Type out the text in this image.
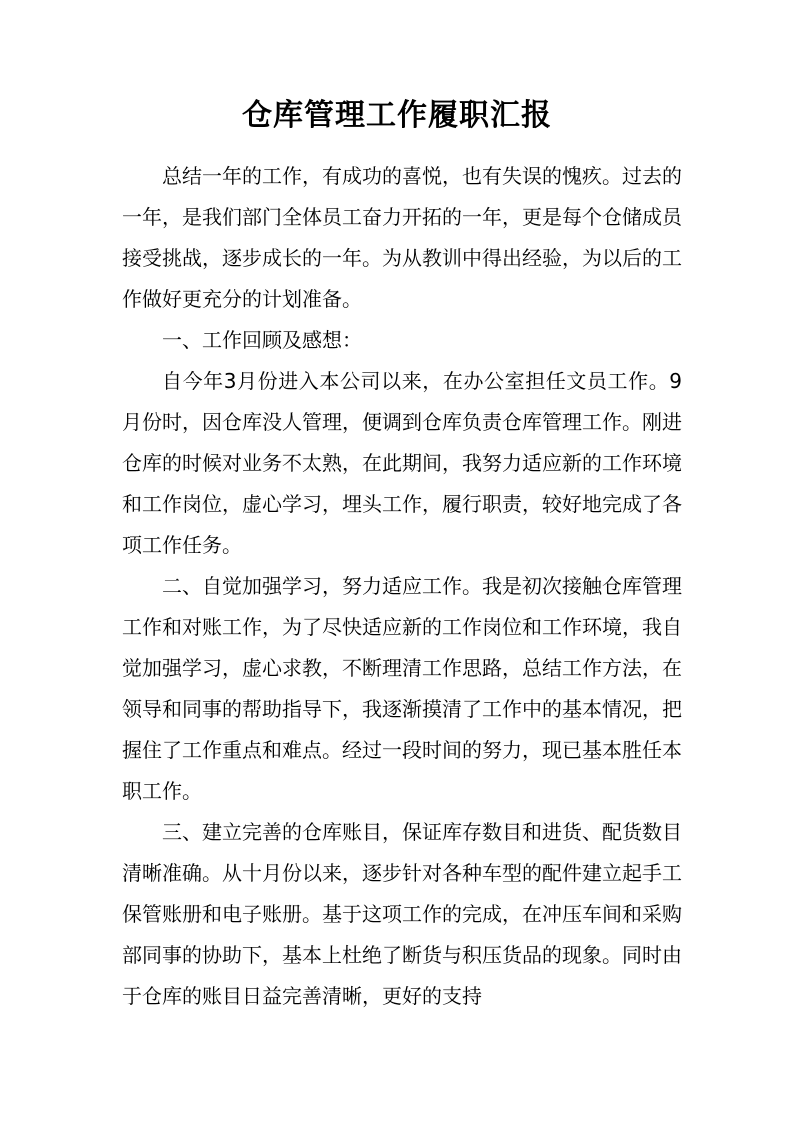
仓库管理工作履职汇报

总结一年的工作，有成功的喜悦，也有失误的愧疚。过去的一年，是我们部门全体员工奋力开拓的一年，更是每个仓储成员接受挑战，逐步成长的一年。为从教训中得出经验，为以后的工作做好更充分的计划准备。

一、工作回顾及感想：

自今年3月份进入本公司以来，在办公室担任文员工作。9月份时，因仓库没人管理，便调到仓库负责仓库管理工作。刚进仓库的时候对业务不太熟，在此期间，我努力适应新的工作环境和工作岗位，虚心学习，埋头工作，履行职责，较好地完成了各项工作任务。

二、自觉加强学习，努力适应工作。我是初次接触仓库管理工作和对账工作，为了尽快适应新的工作岗位和工作环境，我自觉加强学习，虚心求教，不断理清工作思路，总结工作方法，在领导和同事的帮助指导下，我逐渐摸清了工作中的基本情况，把握住了工作重点和难点。经过一段时间的努力，现已基本胜任本职工作。

三、建立完善的仓库账目，保证库存数目和进货、配货数目清晰准确。从十月份以来，逐步针对各种车型的配件建立起手工保管账册和电子账册。基于这项工作的完成，在冲压车间和采购部同事的协助下，基本上杜绝了断货与积压货品的现象。同时由于仓库的账目日益完善清晰，更好的支持
